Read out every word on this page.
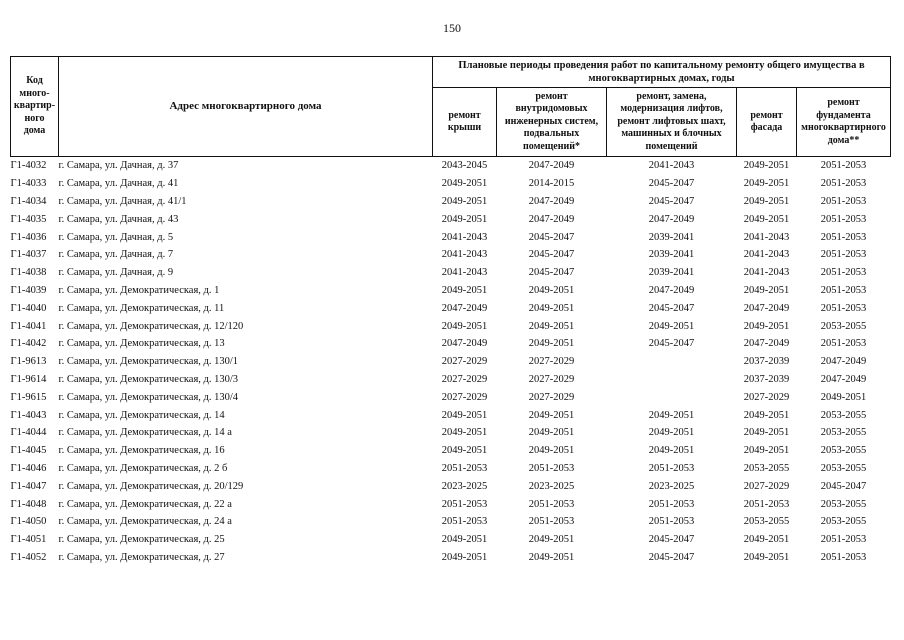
150
Код много-квартир-ного дома	Адрес многоквартирного дома	Плановые периоды проведения работ по капитальному ремонту общего имущества в многоквартирных домах, годы				
		ремонт крыши	ремонт внутридомовых инженерных систем, подвальных помещений*	ремонт, замена, модернизация лифтов, ремонт лифтовых шахт, машинных и блочных помещений	ремонт фасада	ремонт фундамента многоквартирного дома**
Г1-4032	г. Самара, ул. Дачная, д. 37	2043-2045	2047-2049	2041-2043	2049-2051	2051-2053
Г1-4033	г. Самара, ул. Дачная, д. 41	2049-2051	2014-2015	2045-2047	2049-2051	2051-2053
Г1-4034	г. Самара, ул. Дачная, д. 41/1	2049-2051	2047-2049	2045-2047	2049-2051	2051-2053
Г1-4035	г. Самара, ул. Дачная, д. 43	2049-2051	2047-2049	2047-2049	2049-2051	2051-2053
Г1-4036	г. Самара, ул. Дачная, д. 5	2041-2043	2045-2047	2039-2041	2041-2043	2051-2053
Г1-4037	г. Самара, ул. Дачная, д. 7	2041-2043	2045-2047	2039-2041	2041-2043	2051-2053
Г1-4038	г. Самара, ул. Дачная, д. 9	2041-2043	2045-2047	2039-2041	2041-2043	2051-2053
Г1-4039	г. Самара, ул. Демократическая, д. 1	2049-2051	2049-2051	2047-2049	2049-2051	2051-2053
Г1-4040	г. Самара, ул. Демократическая, д. 11	2047-2049	2049-2051	2045-2047	2047-2049	2051-2053
Г1-4041	г. Самара, ул. Демократическая, д. 12/120	2049-2051	2049-2051	2049-2051	2049-2051	2053-2055
Г1-4042	г. Самара, ул. Демократическая, д. 13	2047-2049	2049-2051	2045-2047	2047-2049	2051-2053
Г1-9613	г. Самара, ул. Демократическая, д. 130/1	2027-2029	2027-2029		2037-2039	2047-2049
Г1-9614	г. Самара, ул. Демократическая, д. 130/3	2027-2029	2027-2029		2037-2039	2047-2049
Г1-9615	г. Самара, ул. Демократическая, д. 130/4	2027-2029	2027-2029		2027-2029	2049-2051
Г1-4043	г. Самара, ул. Демократическая, д. 14	2049-2051	2049-2051	2049-2051	2049-2051	2053-2055
Г1-4044	г. Самара, ул. Демократическая, д. 14 а	2049-2051	2049-2051	2049-2051	2049-2051	2053-2055
Г1-4045	г. Самара, ул. Демократическая, д. 16	2049-2051	2049-2051	2049-2051	2049-2051	2053-2055
Г1-4046	г. Самара, ул. Демократическая, д. 2 б	2051-2053	2051-2053	2051-2053	2053-2055	2053-2055
Г1-4047	г. Самара, ул. Демократическая, д. 20/129	2023-2025	2023-2025	2023-2025	2027-2029	2045-2047
Г1-4048	г. Самара, ул. Демократическая, д. 22 а	2051-2053	2051-2053	2051-2053	2051-2053	2053-2055
Г1-4050	г. Самара, ул. Демократическая, д. 24 а	2051-2053	2051-2053	2051-2053	2053-2055	2053-2055
Г1-4051	г. Самара, ул. Демократическая, д. 25	2049-2051	2049-2051	2045-2047	2049-2051	2051-2053
Г1-4052	г. Самара, ул. Демократическая, д. 27	2049-2051	2049-2051	2045-2047	2049-2051	2051-2053
